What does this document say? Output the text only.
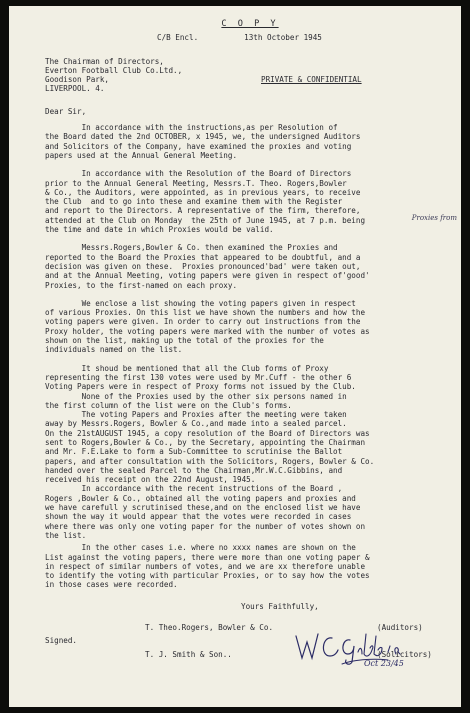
C O P Y
C/B Encl.	13th October 1945
The Chairman of Directors,
Everton Football Club Co.Ltd.,
Goodison Park,
LIVERPOOL. 4.
PRIVATE & CONFIDENTIAL
Dear Sir,
In accordance with the instructions,as per Resolution of
the Board dated the 2nd OCTOBER, x 1945, we, the undersigned Auditors
and Solicitors of the Company, have examined the proxies and voting
papers used at the Annual General Meeting.
In accordance with the Resolution of the Board of Directors
prior to the Annual General Meeting, Messrs.T. Theo. Rogers,Bowler
& Co., the Auditors, were appointed, as in previous years, to receive
the Club  and to go into these and examine them with the Register
and report to the Directors. A representative of the firm, therefore,
attended at the Club on Monday  the 25th of June 1945, at 7 p.m. being
the time and date in which Proxies would be valid.
Messrs.Rogers,Bowler & Co. then examined the Proxies and
reported to the Board the Proxies that appeared to be doubtful, and a
decision was given on these.  Proxies pronounced'bad' were taken out,
and at the Annual Meeting, voting papers were given in respect of'good'
Proxies, to the first-named on each proxy.
We enclose a list showing the voting papers given in respect
of various Proxies. On this list we have shown the numbers and how the
voting papers were given. In order to carry out instructions from the
Proxy holder, the voting papers were marked with the number of votes as
shown on the list, making up the total of the proxies for the
individuals named on the list.
It shoud be mentioned that all the Club forms of Proxy
representing the first 130 votes were used by Mr.Cuff - the other 6
Voting Papers were in respect of Proxy forms not issued by the Club.
None of the Proxies used by the other six persons named in
the first column of the list were on the Club's forms.
The voting Papers and Proxies after the meeting were taken
away by Messrs.Rogers, Bowler & Co.,and made into a sealed parcel.
On the 21stAUGUST 1945, a copy resolution of the Board of Directors was
sent to Rogers,Bowler & Co., by the Secretary, appointing the Chairman
and Mr. F.E.Lake to form a Sub-Committee to scrutinise the Ballot
papers, and after consultation with the Solicitors, Rogers, Bowler & Co.
handed over the sealed Parcel to the Chairman,Mr.W.C.Gibbins, and
received his receipt on the 22nd August, 1945.
In accordance with the recent instructions of the Board ,
Rogers ,Bowler & Co., obtained all the voting papers and proxies and
we have carefull y scrutinised these,and on the enclosed list we have
shown the way it would appear that the votes were recorded in cases
where there was only one voting paper for the number of votes shown on
the list.
In the other cases i.e. where no xxxx names are shown on the
List against the voting papers, there were more than one voting paper &
in respect of similar numbers of votes, and we are xx therefore unable
to identify the voting with particular Proxies, or to say how the votes
in those cases were recorded.
Yours Faithfully,
T. Theo.Rogers, Bowler & Co.	(Auditors)
Signed.
T. J. Smith & Son..	(Solicitors)
Proxies from
Oct 23/45
